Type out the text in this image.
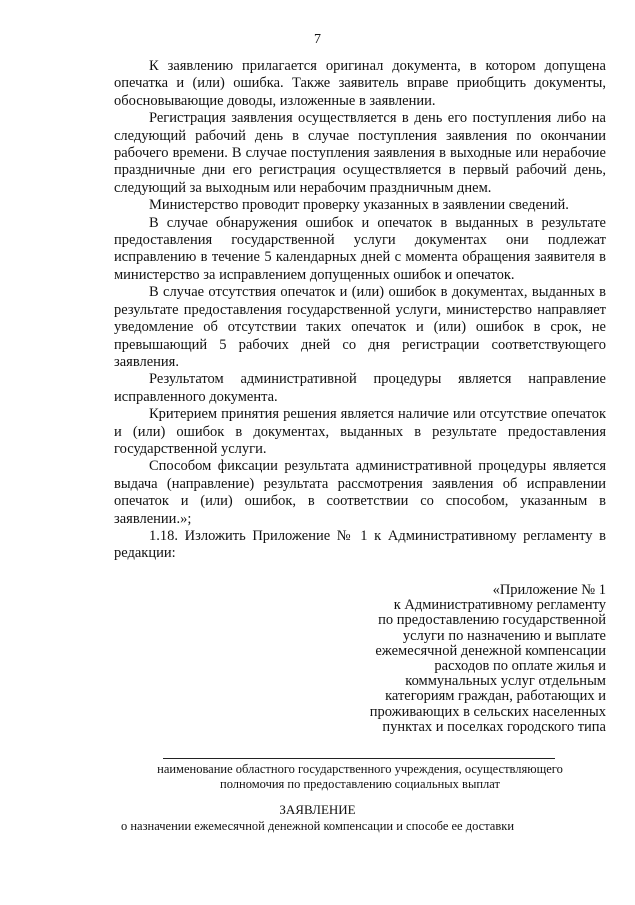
7

К заявлению прилагается оригинал документа, в котором допущена опечатка и (или) ошибка. Также заявитель вправе приобщить документы, обосновывающие доводы, изложенные в заявлении.

Регистрация заявления осуществляется в день его поступления либо на следующий рабочий день в случае поступления заявления по окончании рабочего времени. В случае поступления заявления в выходные или нерабочие праздничные дни его регистрация осуществляется в первый рабочий день, следующий за выходным или нерабочим праздничным днем.

Министерство проводит проверку указанных в заявлении сведений.

В случае обнаружения ошибок и опечаток в выданных в результате предоставления государственной услуги документах они подлежат исправлению в течение 5 календарных дней с момента обращения заявителя в министерство за исправлением допущенных ошибок и опечаток.

В случае отсутствия опечаток и (или) ошибок в документах, выданных в результате предоставления государственной услуги, министерство направляет уведомление об отсутствии таких опечаток и (или) ошибок в срок, не превышающий 5 рабочих дней со дня регистрации соответствующего заявления.

Результатом административной процедуры является направление исправленного документа.

Критерием принятия решения является наличие или отсутствие опечаток и (или) ошибок в документах, выданных в результате предоставления государственной услуги.

Способом фиксации результата административной процедуры является выдача (направление) результата рассмотрения заявления об исправлении опечаток и (или) ошибок, в соответствии со способом, указанным в заявлении.»;

1.18. Изложить Приложение № 1 к Административному регламенту в редакции:

«Приложение № 1
к Административному регламенту
по предоставлению государственной
услуги по назначению и выплате
ежемесячной денежной компенсации
расходов по оплате жилья и
коммунальных услуг отдельным
категориям граждан, работающих и
проживающих в сельских населенных
пунктах и поселках городского типа
наименование областного государственного учреждения, осуществляющего полномочия по предоставлению социальных выплат
ЗАЯВЛЕНИЕ
о назначении ежемесячной денежной компенсации и способе ее доставки
